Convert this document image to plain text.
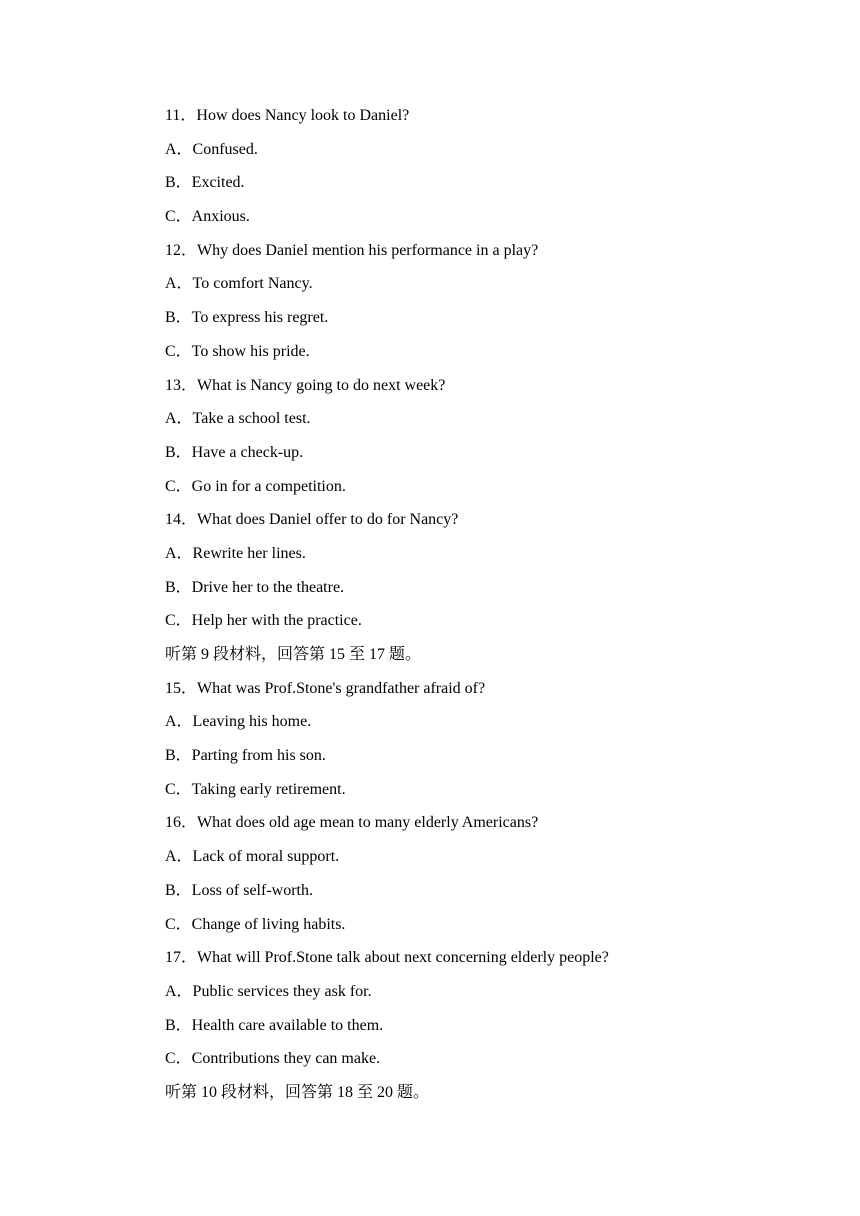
11．How does Nancy look to Daniel?
A．Confused.
B．Excited.
C．Anxious.
12．Why does Daniel mention his performance in a play?
A．To comfort Nancy.
B．To express his regret.
C．To show his pride.
13．What is Nancy going to do next week?
A．Take a school test.
B．Have a check‐up.
C．Go in for a competition.
14．What does Daniel offer to do for Nancy?
A．Rewrite her lines.
B．Drive her to the theatre.
C．Help her with the practice.
听第 9 段材料，回答第 15 至 17 题。
15．What was Prof.Stone's grandfather afraid of?
A．Leaving his home.
B．Parting from his son.
C．Taking early retirement.
16．What does old age mean to many elderly Americans?
A．Lack of moral support.
B．Loss of self‐worth.
C．Change of living habits.
17．What will Prof.Stone talk about next concerning elderly people?
A．Public services they ask for.
B．Health care available to them.
C．Contributions they can make.
听第 10 段材料，回答第 18 至 20 题。
